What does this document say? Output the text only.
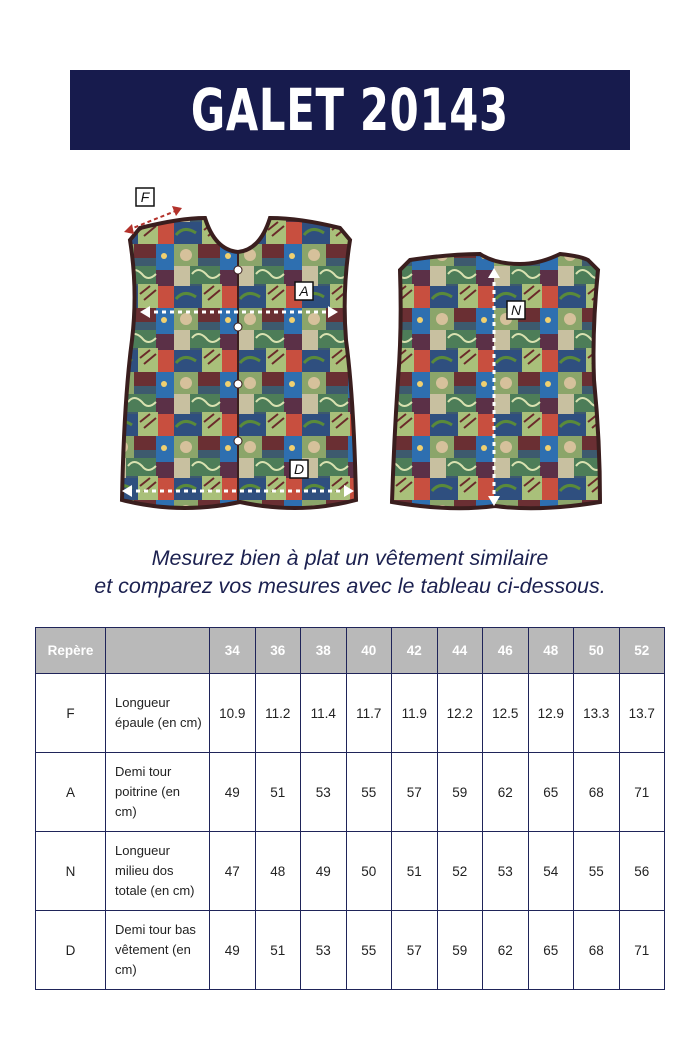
GALET 20143
F
A
D
N
Mesurez bien à plat un vêtement similaire
et comparez vos mesures avec le tableau ci-dessous.
Repère		34	36	38	40	42	44	46	48	50	52
F	Longueur épaule (en cm)	10.9	11.2	11.4	11.7	11.9	12.2	12.5	12.9	13.3	13.7
A	Demi tour poitrine (en cm)	49	51	53	55	57	59	62	65	68	71
N	Longueur milieu dos totale (en cm)	47	48	49	50	51	52	53	54	55	56
D	Demi tour bas vêtement (en cm)	49	51	53	55	57	59	62	65	68	71
